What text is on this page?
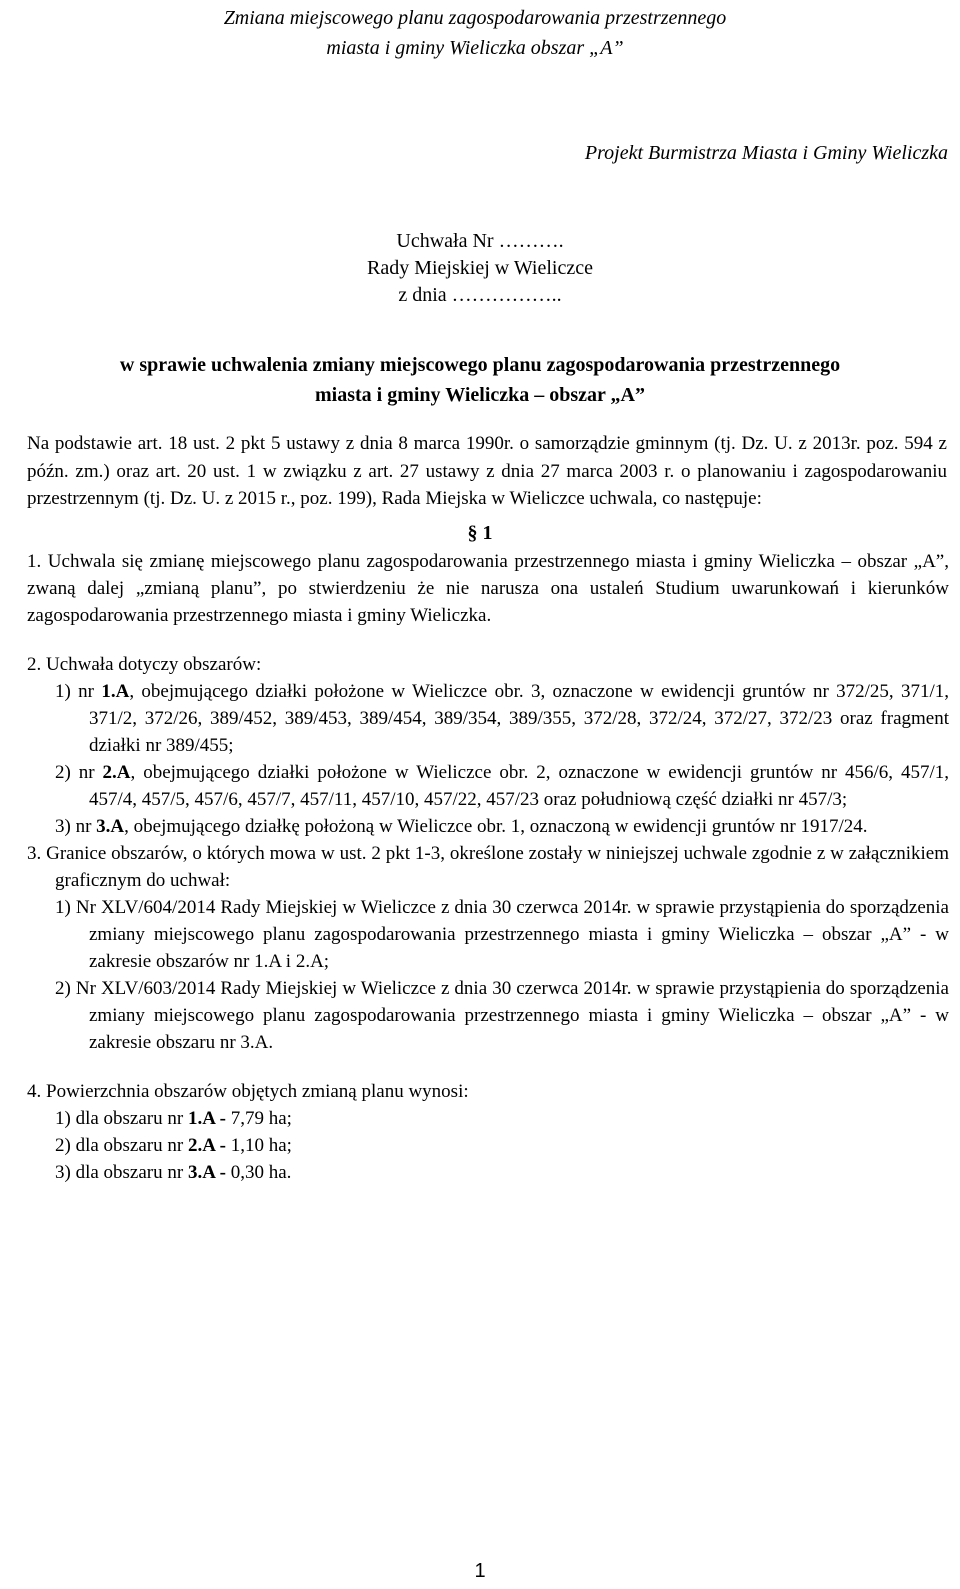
Zmiana miejscowego planu zagospodarowania przestrzennego
miasta i gminy Wieliczka obszar „A”
Projekt Burmistrza Miasta i Gminy Wieliczka
Uchwała Nr ……….
Rady Miejskiej w Wieliczce
z dnia ……………..
w sprawie uchwalenia zmiany miejscowego planu zagospodarowania przestrzennego
miasta i gminy Wieliczka – obszar „A”

Na podstawie art. 18 ust. 2 pkt 5 ustawy z dnia 8 marca 1990r. o samorządzie gminnym (tj. Dz. U. z 2013r. poz. 594 z późn. zm.) oraz art. 20 ust. 1 w związku z art. 27 ustawy z dnia 27 marca 2003 r. o planowaniu i zagospodarowaniu przestrzennym (tj. Dz. U. z 2015 r., poz. 199), Rada Miejska w Wieliczce uchwala, co następuje:

§ 1
1. Uchwala się zmianę miejscowego planu zagospodarowania przestrzennego miasta i gminy Wieliczka – obszar „A”, zwaną dalej „zmianą planu”, po stwierdzeniu że nie narusza ona ustaleń Studium uwarunkowań i kierunków zagospodarowania przestrzennego miasta i gminy Wieliczka.
2. Uchwała dotyczy obszarów:
1) nr 1.A, obejmującego działki położone w Wieliczce obr. 3, oznaczone w ewidencji gruntów nr 372/25, 371/1, 371/2, 372/26, 389/452, 389/453, 389/454, 389/354, 389/355, 372/28, 372/24, 372/27, 372/23 oraz fragment działki nr 389/455;
2) nr 2.A, obejmującego działki położone w Wieliczce obr. 2, oznaczone w ewidencji gruntów nr 456/6, 457/1, 457/4, 457/5, 457/6, 457/7, 457/11, 457/10, 457/22, 457/23 oraz południową część działki nr 457/3;
3) nr 3.A, obejmującego działkę położoną w Wieliczce obr. 1, oznaczoną w ewidencji gruntów nr 1917/24.
3. Granice obszarów, o których mowa w ust. 2 pkt 1-3, określone zostały w niniejszej uchwale zgodnie z w załącznikiem graficznym do uchwał:
1) Nr XLV/604/2014 Rady Miejskiej w Wieliczce z dnia 30 czerwca 2014r. w sprawie przystąpienia do sporządzenia zmiany miejscowego planu zagospodarowania przestrzennego miasta i gminy Wieliczka – obszar „A” - w zakresie obszarów nr 1.A i 2.A;
2) Nr XLV/603/2014 Rady Miejskiej w Wieliczce z dnia 30 czerwca 2014r. w sprawie przystąpienia do sporządzenia zmiany miejscowego planu zagospodarowania przestrzennego miasta i gminy Wieliczka – obszar „A” - w zakresie obszaru nr 3.A.
4. Powierzchnia obszarów objętych zmianą planu wynosi:
1) dla obszaru nr 1.A - 7,79 ha;
2) dla obszaru nr 2.A - 1,10 ha;
3) dla obszaru nr 3.A - 0,30 ha.
1
